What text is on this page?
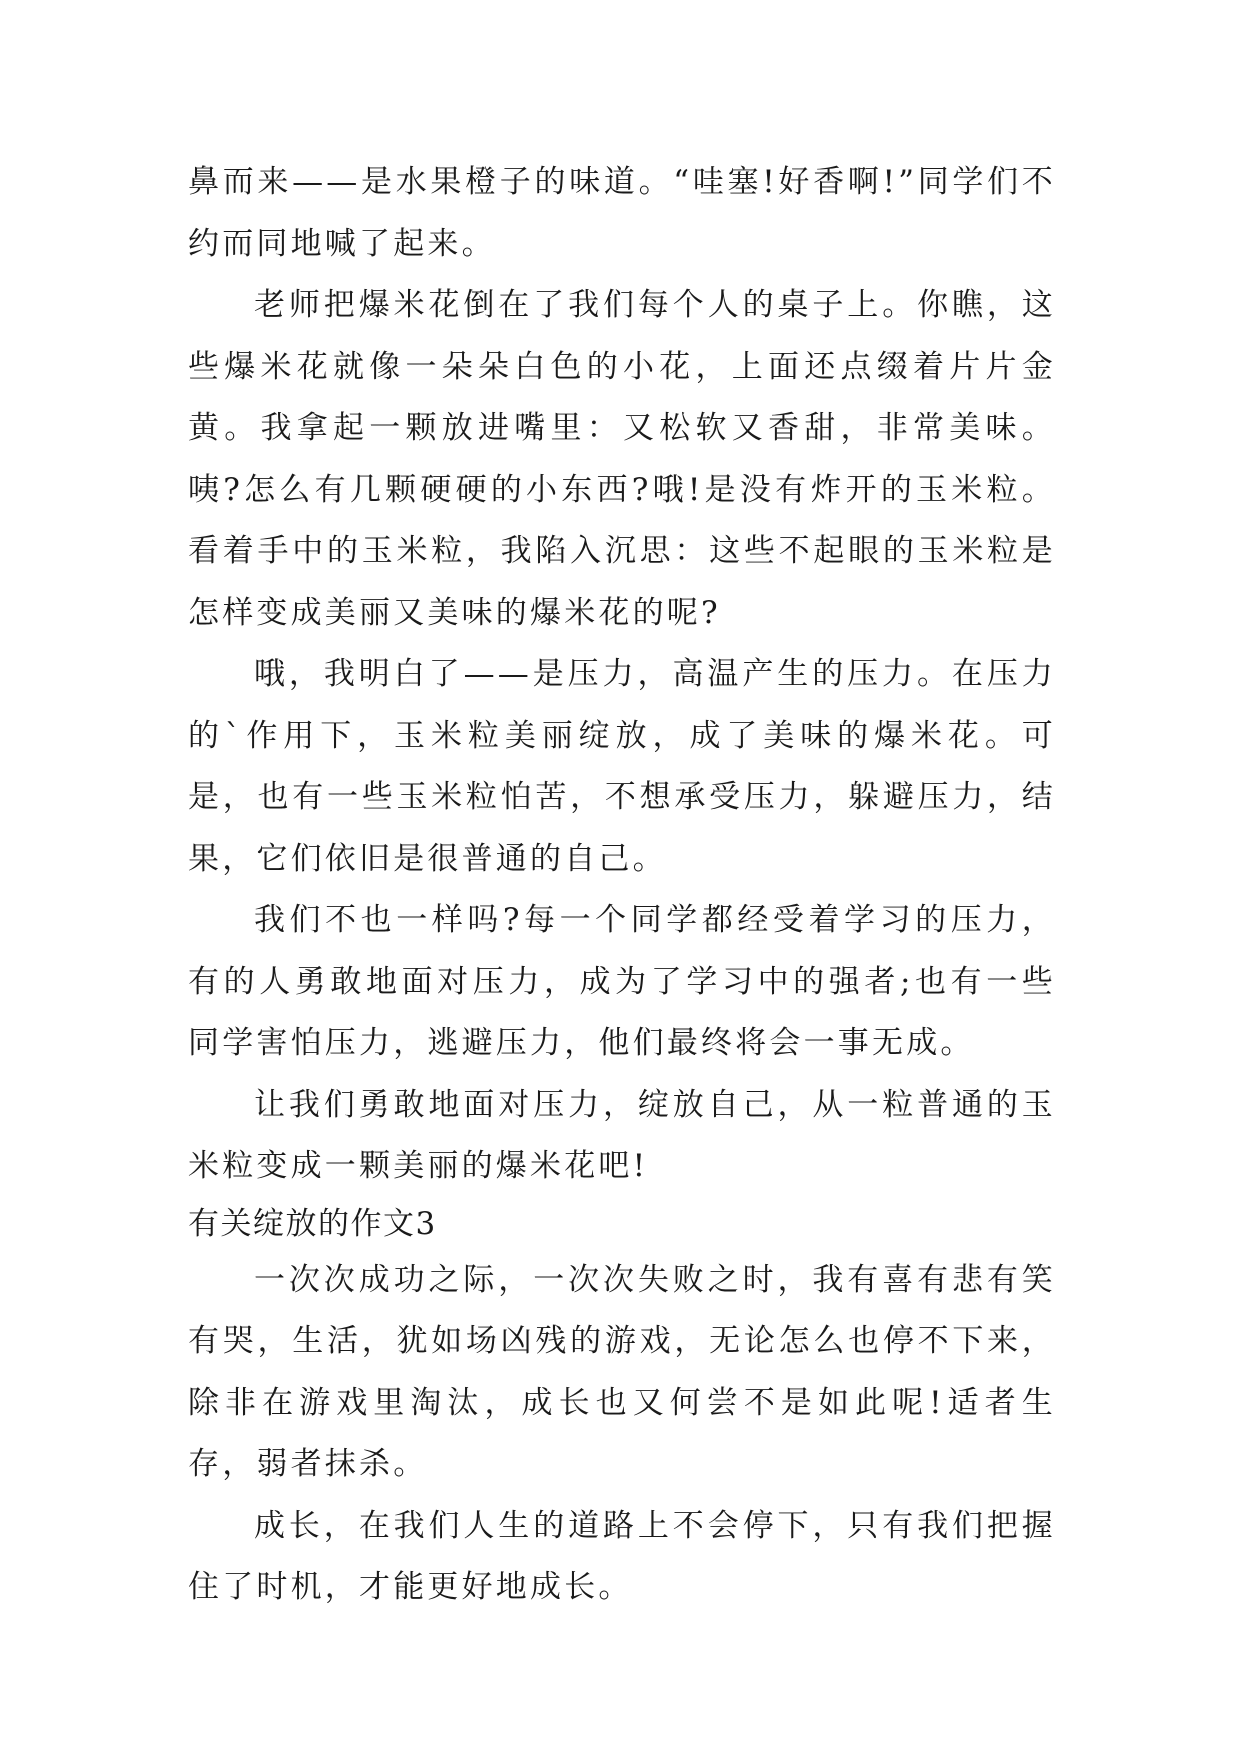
鼻而来——是水果橙子的味道。“哇塞!好香啊!”同学们不约而同地喊了起来。

老师把爆米花倒在了我们每个人的桌子上。你瞧，这些爆米花就像一朵朵白色的小花，上面还点缀着片片金黄。我拿起一颗放进嘴里：又松软又香甜，非常美味。咦?怎么有几颗硬硬的小东西?哦!是没有炸开的玉米粒。看着手中的玉米粒，我陷入沉思：这些不起眼的玉米粒是怎样变成美丽又美味的爆米花的呢?

哦，我明白了——是压力，高温产生的压力。在压力的`作用下，玉米粒美丽绽放，成了美味的爆米花。可是，也有一些玉米粒怕苦，不想承受压力，躲避压力，结果，它们依旧是很普通的自己。

我们不也一样吗?每一个同学都经受着学习的压力，有的人勇敢地面对压力，成为了学习中的强者;也有一些同学害怕压力，逃避压力，他们最终将会一事无成。

让我们勇敢地面对压力，绽放自己，从一粒普通的玉米粒变成一颗美丽的爆米花吧!

有关绽放的作文3

一次次成功之际，一次次失败之时，我有喜有悲有笑有哭，生活，犹如场凶残的游戏，无论怎么也停不下来，除非在游戏里淘汰，成长也又何尝不是如此呢!适者生存，弱者抹杀。

成长，在我们人生的道路上不会停下，只有我们把握住了时机，才能更好地成长。
